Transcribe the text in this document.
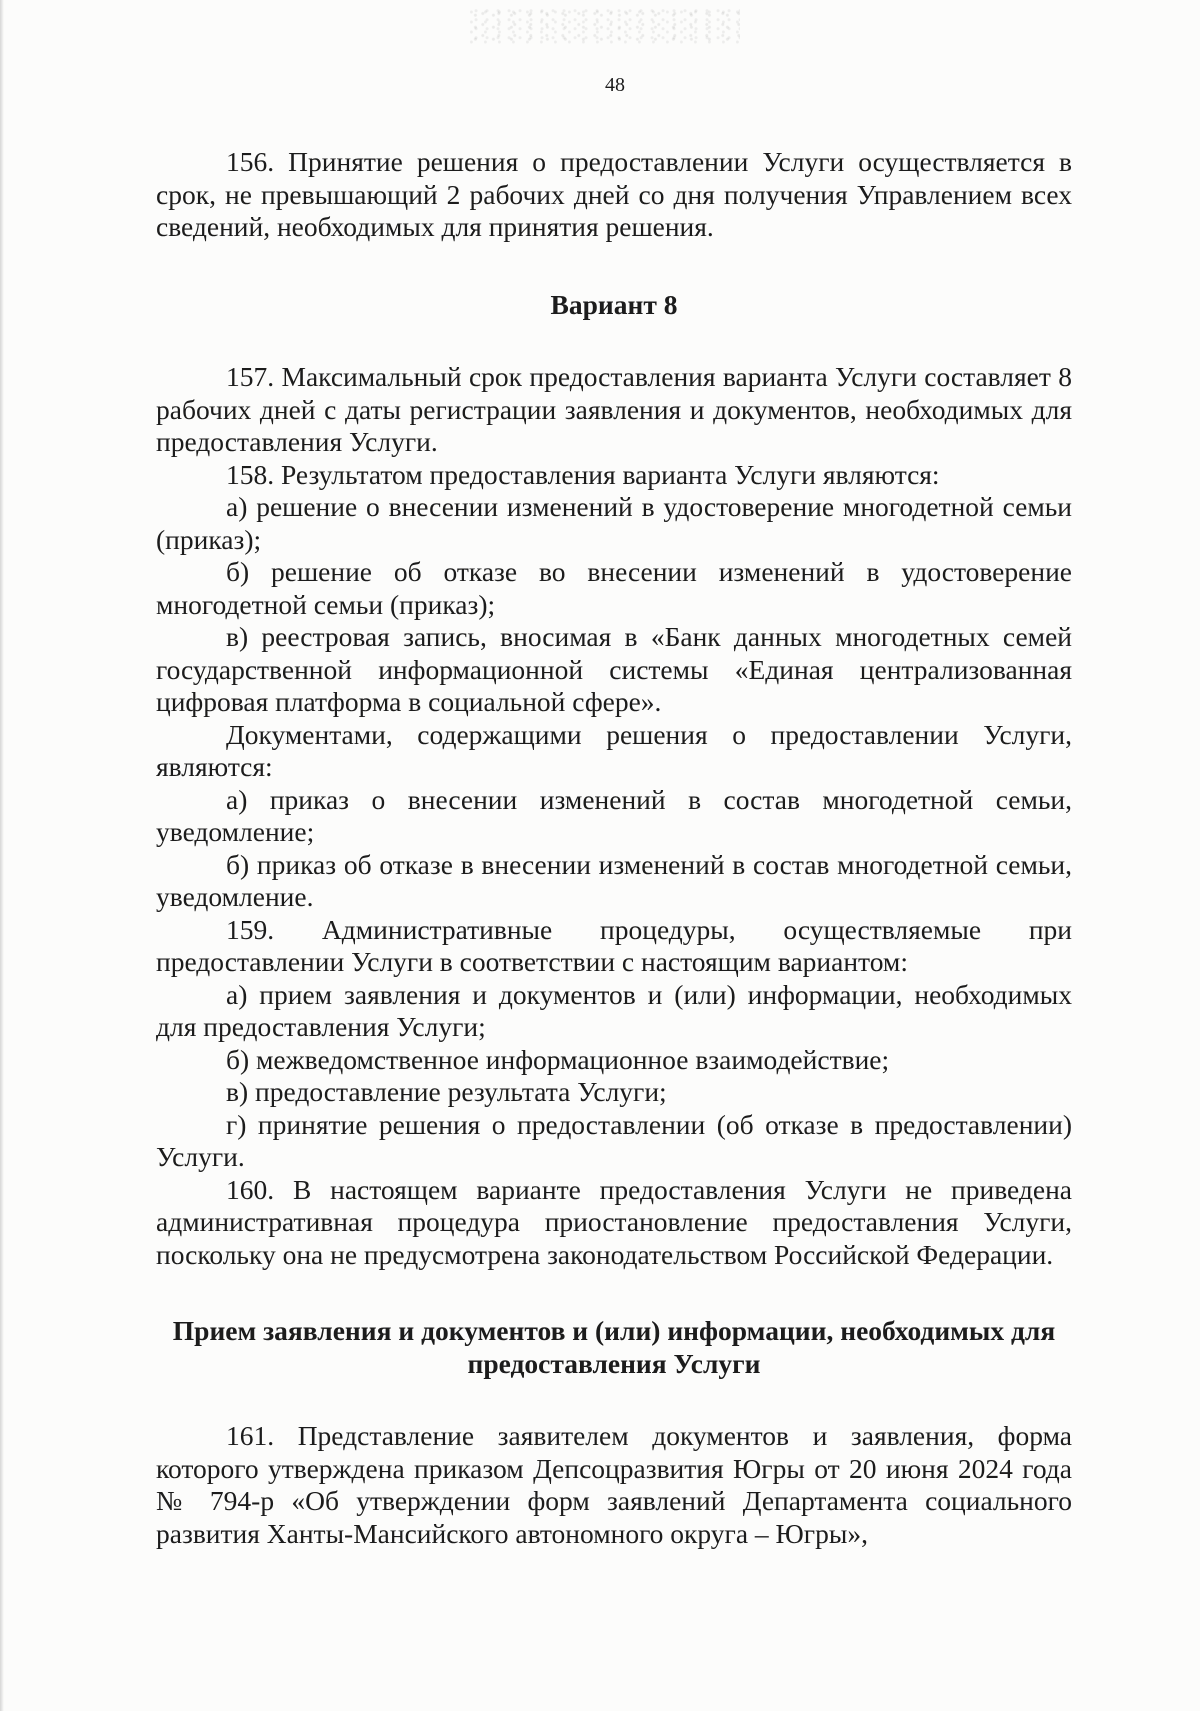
48

156. Принятие решения о предоставлении Услуги осуществляется в срок, не превышающий 2 рабочих дней со дня получения Управлением всех сведений, необходимых для принятия решения.

Вариант 8

157. Максимальный срок предоставления варианта Услуги составляет 8 рабочих дней с даты регистрации заявления и документов, необходимых для предоставления Услуги.

158. Результатом предоставления варианта Услуги являются:

а) решение о внесении изменений в удостоверение многодетной семьи (приказ);

б) решение об отказе во внесении изменений в удостоверение многодетной семьи (приказ);

в) реестровая запись, вносимая в «Банк данных многодетных семей государственной информационной системы «Единая централизованная цифровая платформа в социальной сфере».

Документами, содержащими решения о предоставлении Услуги, являются:

а) приказ о внесении изменений в состав многодетной семьи, уведомление;

б) приказ об отказе в внесении изменений в состав многодетной семьи, уведомление.

159. Административные процедуры, осуществляемые при предоставлении Услуги в соответствии с настоящим вариантом:

а) прием заявления и документов и (или) информации, необходимых для предоставления Услуги;

б) межведомственное информационное взаимодействие;

в) предоставление результата Услуги;

г) принятие решения о предоставлении (об отказе в предоставлении) Услуги.

160. В настоящем варианте предоставления Услуги не приведена административная процедура приостановление предоставления Услуги, поскольку она не предусмотрена законодательством Российской Федерации.

Прием заявления и документов и (или) информации, необходимых для предоставления Услуги

161. Представление заявителем документов и заявления, форма которого утверждена приказом Депсоцразвития Югры от 20 июня 2024 года № 794-р «Об утверждении форм заявлений Департамента социального развития Ханты-Мансийского автономного округа – Югры»,
